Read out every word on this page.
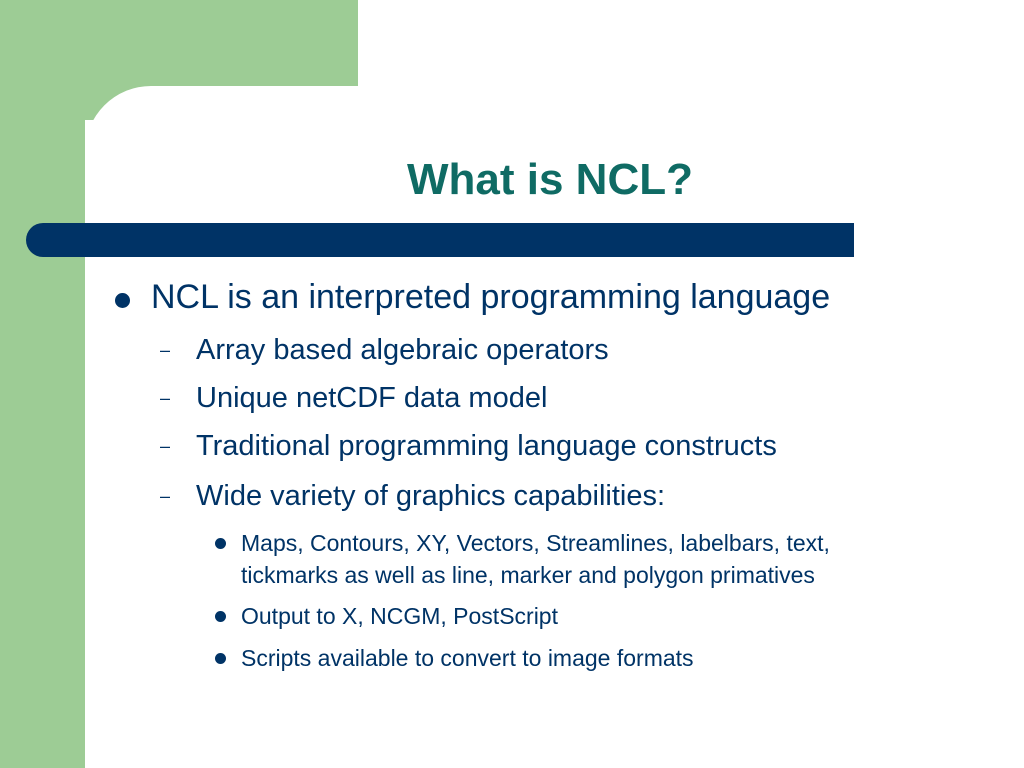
What is NCL?
NCL is an interpreted programming language
– Array based algebraic operators
– Unique netCDF data model
– Traditional programming language constructs
– Wide variety of graphics capabilities:
Maps, Contours, XY, Vectors, Streamlines, labelbars, text,
tickmarks as well as line, marker and polygon primatives
Output to X, NCGM, PostScript
Scripts available to convert to image formats
